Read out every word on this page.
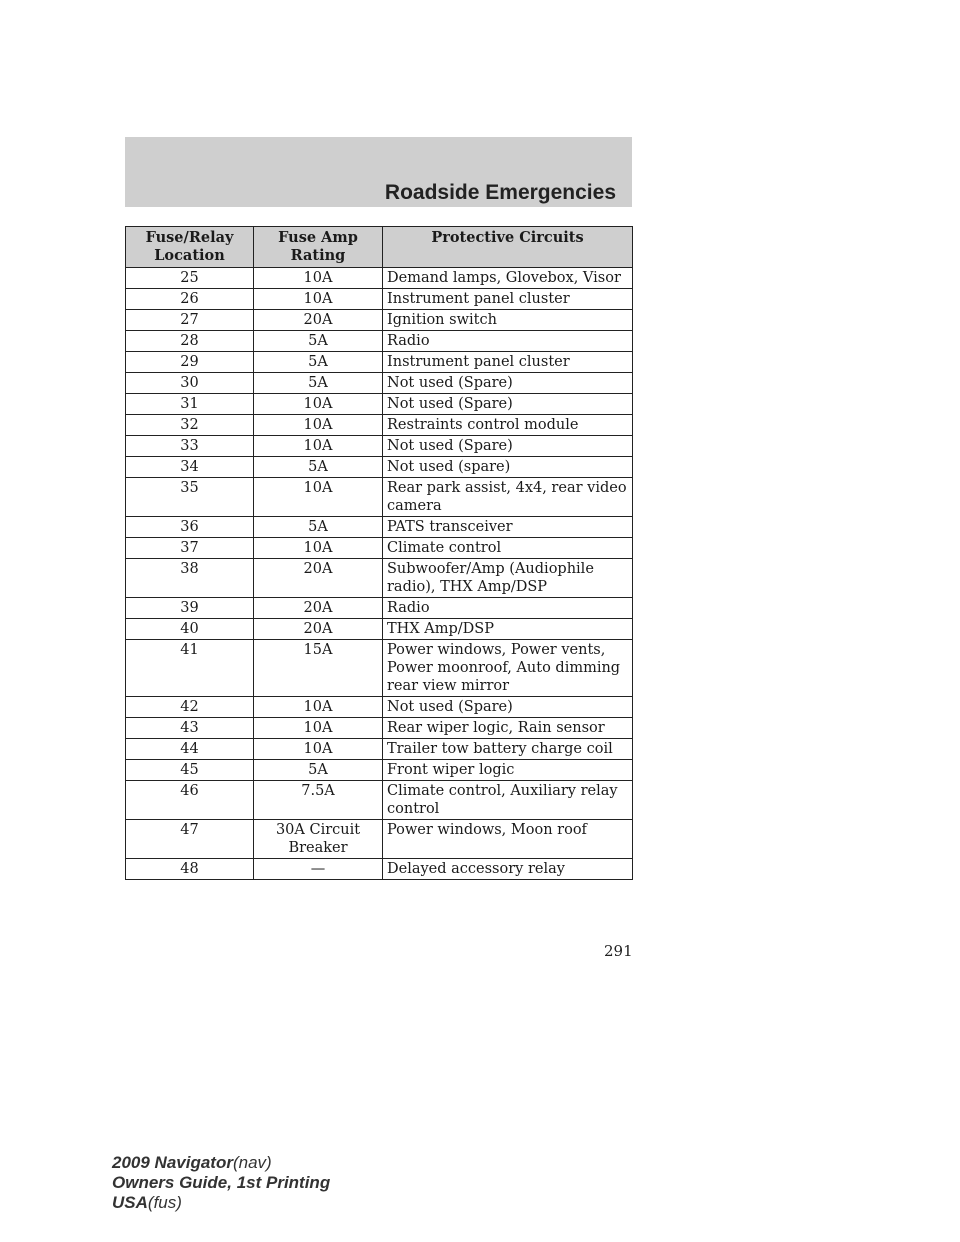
Roadside Emergencies
Fuse/Relay Location	Fuse Amp Rating	Protective Circuits
25	10A	Demand lamps, Glovebox, Visor
26	10A	Instrument panel cluster
27	20A	Ignition switch
28	5A	Radio
29	5A	Instrument panel cluster
30	5A	Not used (Spare)
31	10A	Not used (Spare)
32	10A	Restraints control module
33	10A	Not used (Spare)
34	5A	Not used (spare)
35	10A	Rear park assist, 4x4, rear video camera
36	5A	PATS transceiver
37	10A	Climate control
38	20A	Subwoofer/Amp (Audiophile radio), THX Amp/DSP
39	20A	Radio
40	20A	THX Amp/DSP
41	15A	Power windows, Power vents, Power moonroof, Auto dimming rear view mirror
42	10A	Not used (Spare)
43	10A	Rear wiper logic, Rain sensor
44	10A	Trailer tow battery charge coil
45	5A	Front wiper logic
46	7.5A	Climate control, Auxiliary relay control
47	30A Circuit Breaker	Power windows, Moon roof
48	—	Delayed accessory relay
291
2009 Navigator(nav)
Owners Guide, 1st Printing
USA(fus)
